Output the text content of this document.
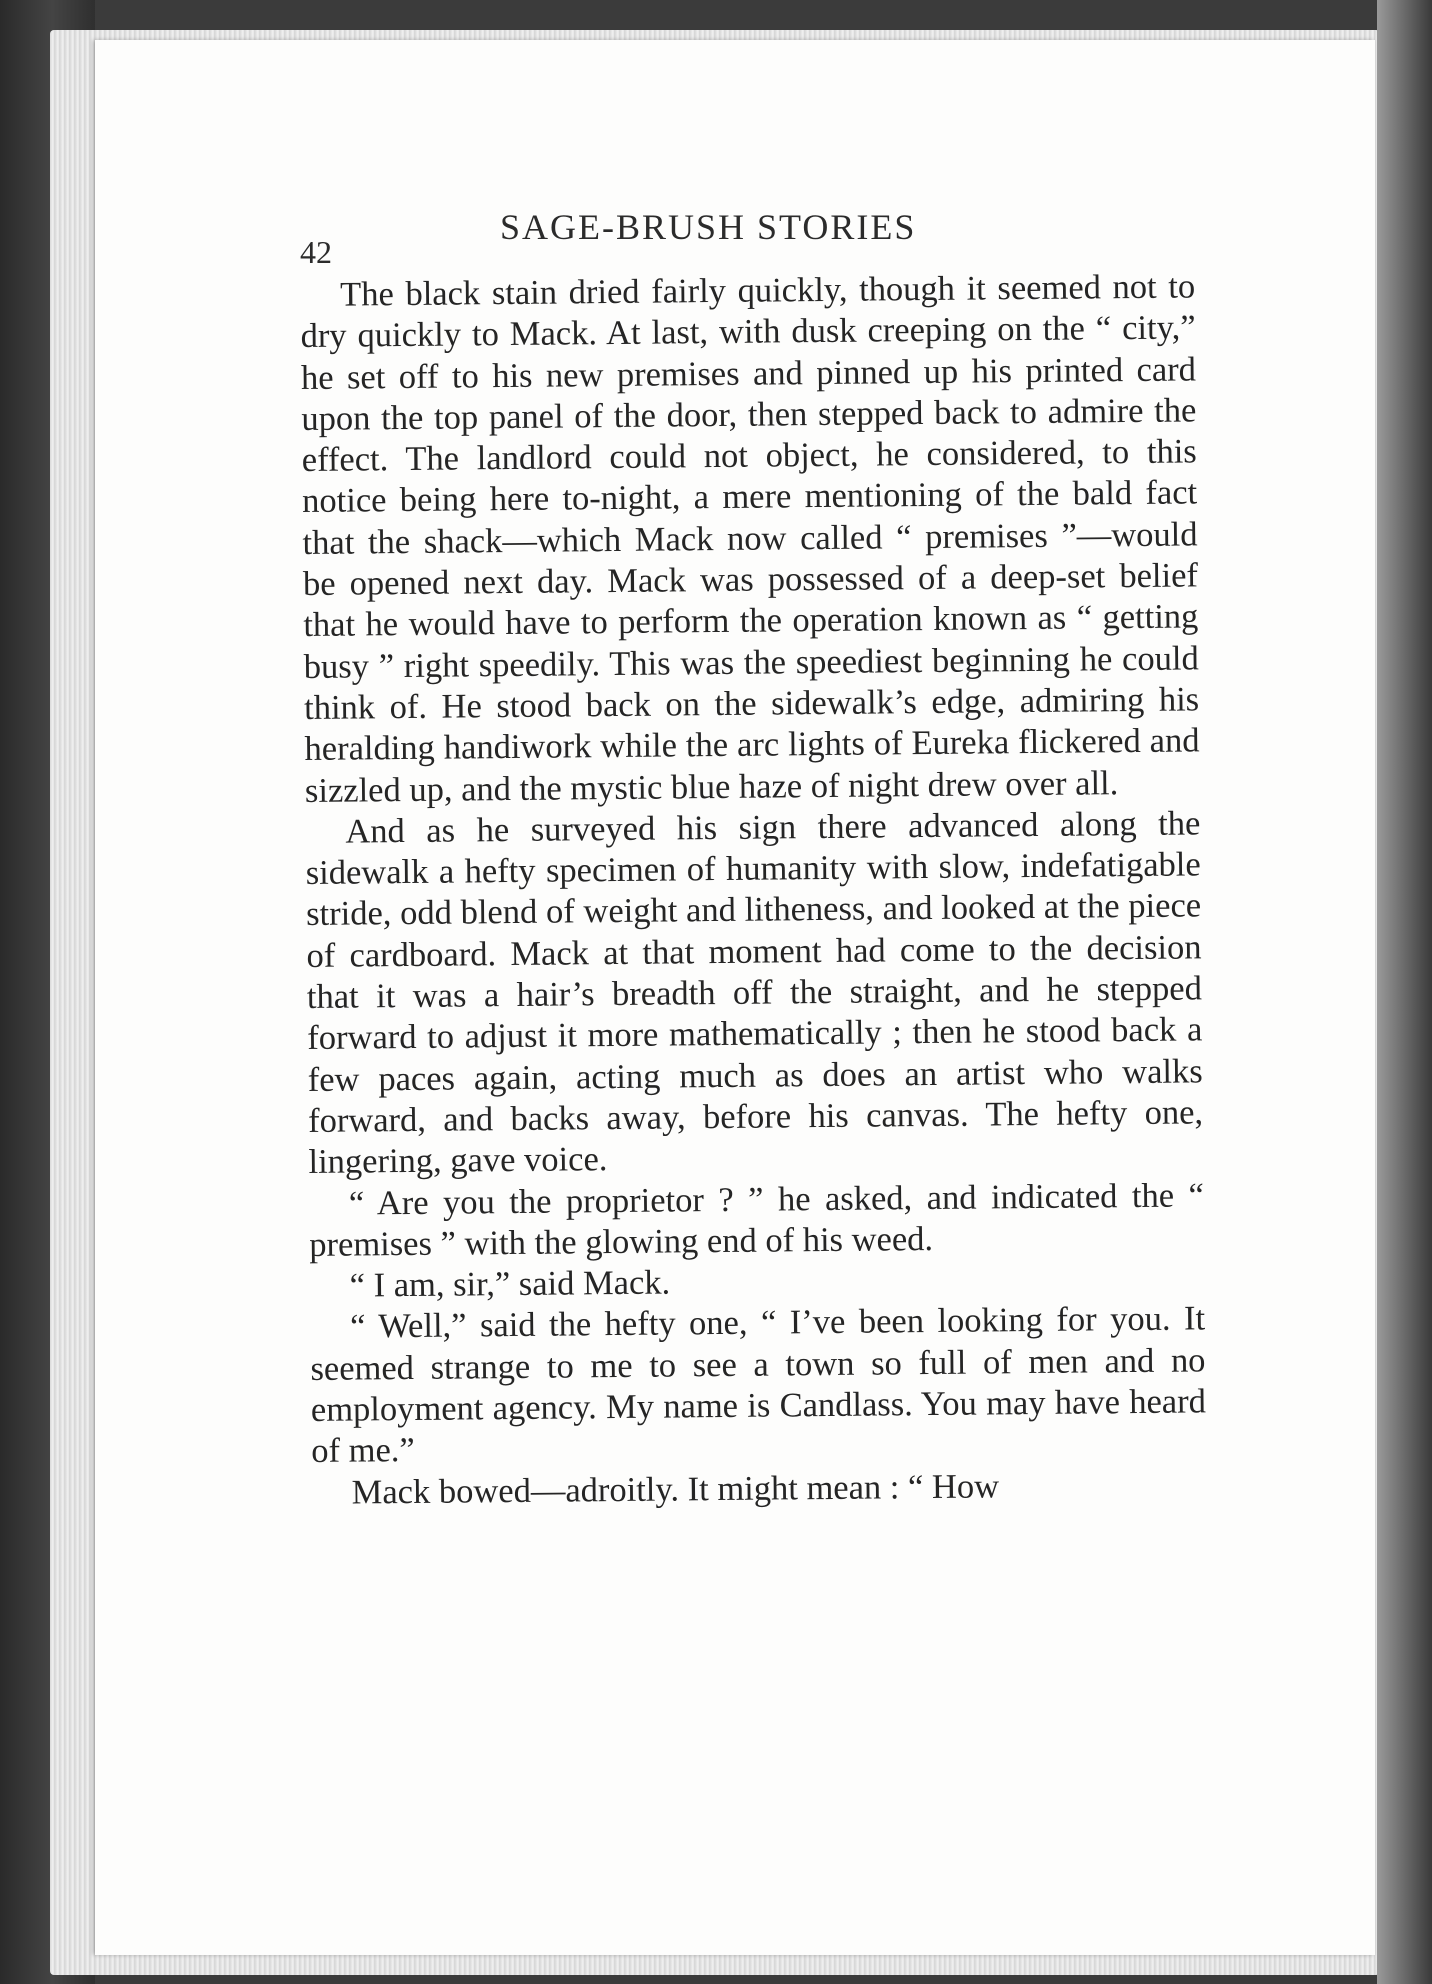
42
SAGE-BRUSH STORIES

The black stain dried fairly quickly, though it seemed not to dry quickly to Mack. At last, with dusk creeping on the “ city,” he set off to his new premises and pinned up his printed card upon the top panel of the door, then stepped back to admire the effect. The landlord could not object, he considered, to this notice being here to-night, a mere mentioning of the bald fact that the shack—which Mack now called “ premises ”—would be opened next day. Mack was possessed of a deep-set belief that he would have to perform the operation known as “ getting busy ” right speedily. This was the speediest beginning he could think of. He stood back on the sidewalk’s edge, admiring his heralding handiwork while the arc lights of Eureka flickered and sizzled up, and the mystic blue haze of night drew over all.

And as he surveyed his sign there advanced along the sidewalk a hefty specimen of humanity with slow, indefatigable stride, odd blend of weight and litheness, and looked at the piece of cardboard. Mack at that moment had come to the decision that it was a hair’s breadth off the straight, and he stepped forward to adjust it more mathematically ; then he stood back a few paces again, acting much as does an artist who walks forward, and backs away, before his canvas. The hefty one, lingering, gave voice.

“ Are you the proprietor ? ” he asked, and indicated the “ premises ” with the glowing end of his weed.

“ I am, sir,” said Mack.

“ Well,” said the hefty one, “ I’ve been looking for you. It seemed strange to me to see a town so full of men and no employment agency. My name is Candlass. You may have heard of me.”

Mack bowed—adroitly. It might mean : “ How
